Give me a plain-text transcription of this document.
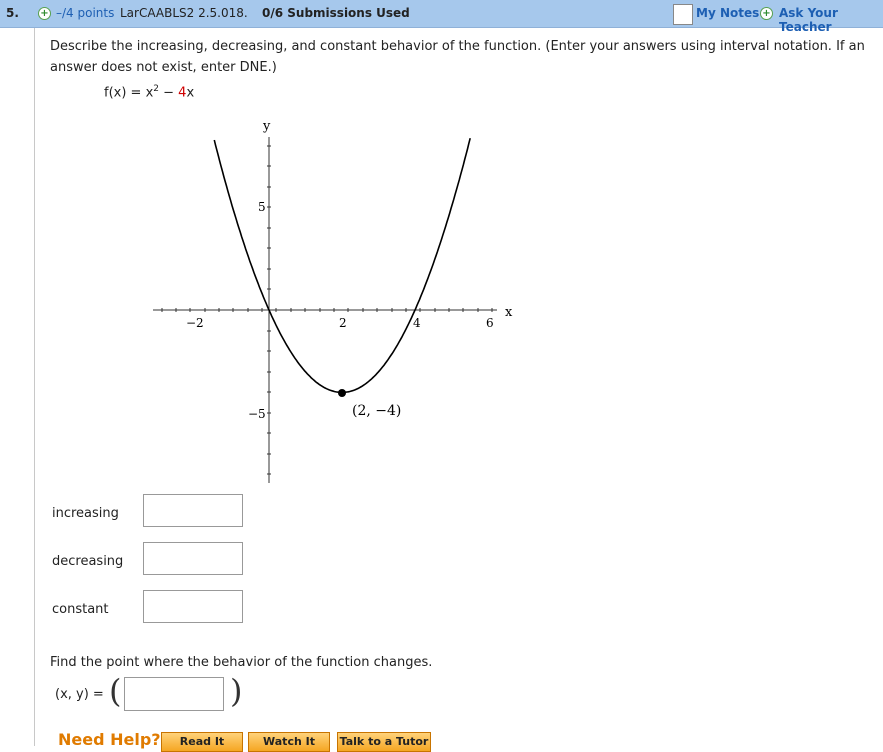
5. + –/4 points LarCAABLS2 2.5.018. 0/6 Submissions Used	My Notes + Ask Your Teacher
Describe the increasing, decreasing, and constant behavior of the function. (Enter your answers using interval notation. If an answer does not exist, enter DNE.)
$f(x) = x^2 - 4x$
y
x
−2	2	4	6
5
−5	(2, −4)
increasing
decreasing
constant
Find the point where the behavior of the function changes.
(x, y) = (	)
Need Help?	Read It	Watch It	Talk to a Tutor
